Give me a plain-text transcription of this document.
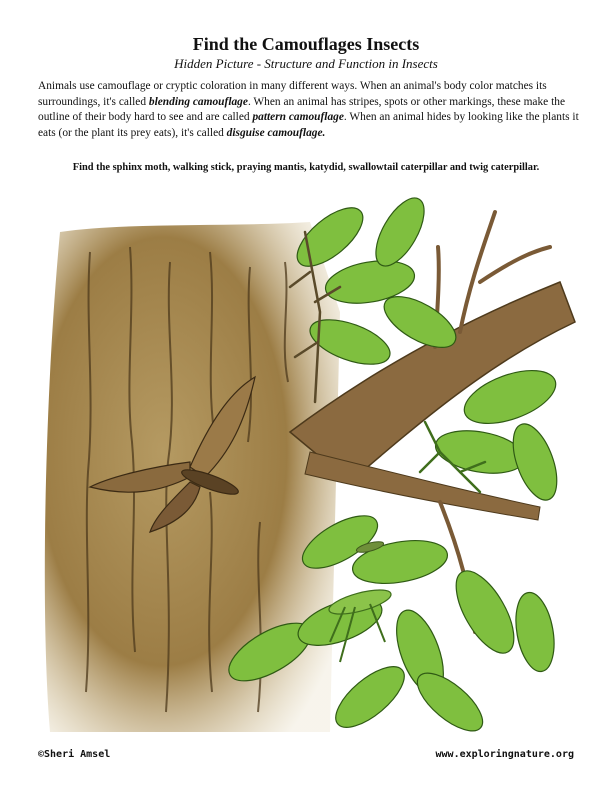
Find the Camouflages Insects
Hidden Picture - Structure and Function in Insects
Animals use camouflage or cryptic coloration in many different ways. When an animal's body color matches its surroundings, it's called blending camouflage. When an animal has stripes, spots or other markings, these make the outline of their body hard to see and are called pattern camouflage. When an animal hides by looking like the plants it eats (or the plant its prey eats), it's called disguise camouflage.
Find the sphinx moth, walking stick, praying mantis, katydid, swallowtail caterpillar and twig caterpillar.
©Sheri Amsel	www.exploringnature.org
